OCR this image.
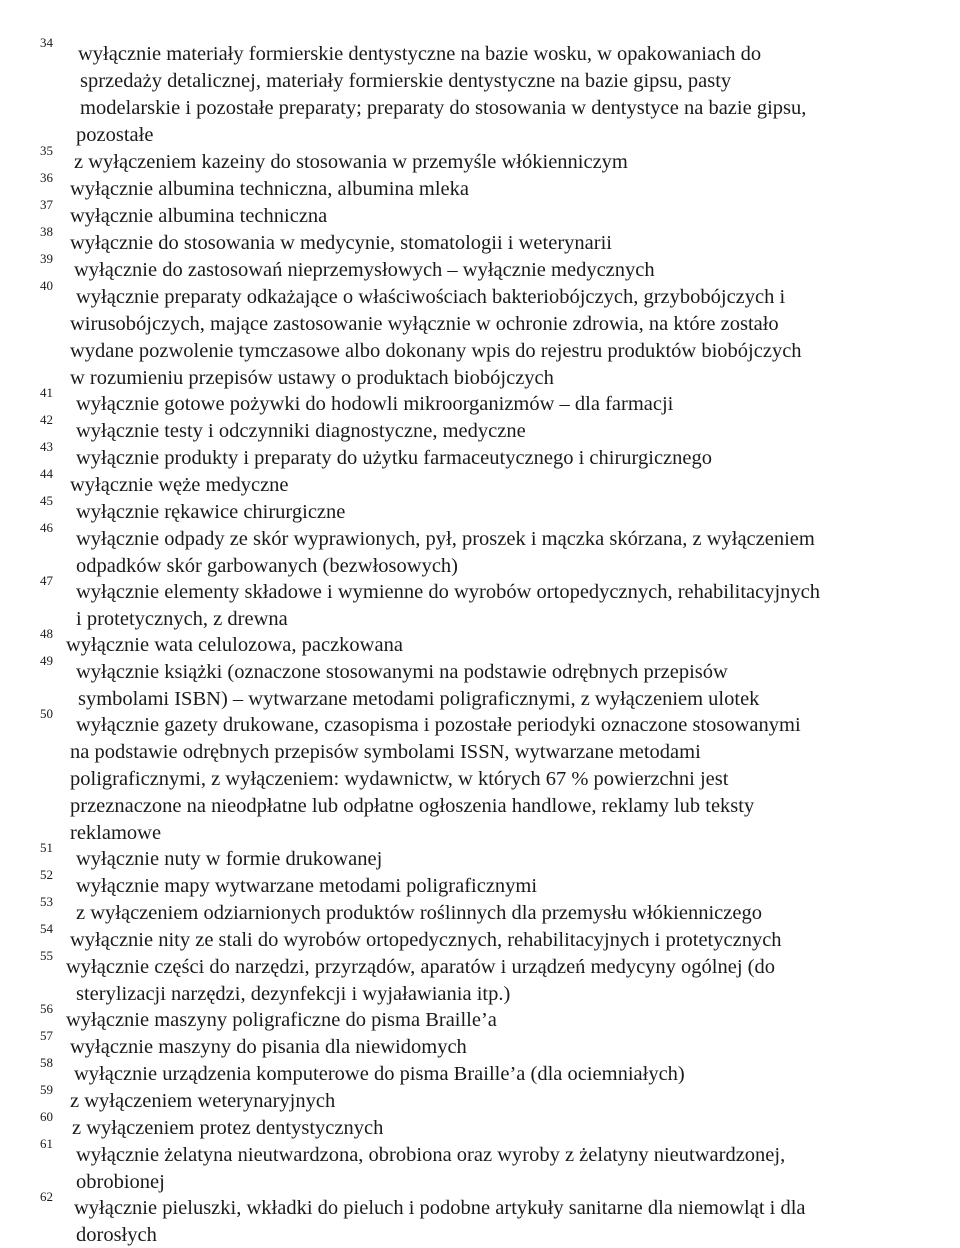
34
wyłącznie materiały formierskie dentystyczne na bazie wosku, w opakowaniach do
sprzedaży detalicznej, materiały formierskie dentystyczne na bazie gipsu, pasty
modelarskie i pozostałe preparaty; preparaty do stosowania w dentystyce na bazie gipsu,
pozostałe
35
z wyłączeniem kazeiny do stosowania w przemyśle włókienniczym
36
wyłącznie albumina techniczna, albumina mleka
37
wyłącznie albumina techniczna
38
wyłącznie do stosowania w medycynie, stomatologii i weterynarii
39
wyłącznie do zastosowań nieprzemysłowych – wyłącznie medycznych
40
wyłącznie preparaty odkażające o właściwościach bakteriobójczych, grzybobójczych i
wirusobójczych, mające zastosowanie wyłącznie w ochronie zdrowia, na które zostało
wydane pozwolenie tymczasowe albo dokonany wpis do rejestru produktów biobójczych
w rozumieniu przepisów ustawy o produktach biobójczych
41
wyłącznie gotowe pożywki do hodowli mikroorganizmów – dla farmacji
42
wyłącznie testy i odczynniki diagnostyczne, medyczne
43
wyłącznie produkty i preparaty do użytku farmaceutycznego i chirurgicznego
44
wyłącznie węże medyczne
45
wyłącznie rękawice chirurgiczne
46
wyłącznie odpady ze skór wyprawionych, pył, proszek i mączka skórzana, z wyłączeniem
odpadków skór garbowanych (bezwłosowych)
47
wyłącznie elementy składowe i wymienne do wyrobów ortopedycznych, rehabilitacyjnych
i protetycznych, z drewna
48
wyłącznie wata celulozowa, paczkowana
49
wyłącznie książki (oznaczone stosowanymi na podstawie odrębnych przepisów
symbolami ISBN) – wytwarzane metodami poligraficznymi, z wyłączeniem ulotek
50
wyłącznie gazety drukowane, czasopisma i pozostałe periodyki oznaczone stosowanymi
na podstawie odrębnych przepisów symbolami ISSN, wytwarzane metodami
poligraficznymi, z wyłączeniem: wydawnictw, w których 67 % powierzchni jest
przeznaczone na nieodpłatne lub odpłatne ogłoszenia handlowe, reklamy lub teksty
reklamowe
51
wyłącznie nuty w formie drukowanej
52
wyłącznie mapy wytwarzane metodami poligraficznymi
53
z wyłączeniem odziarnionych produktów roślinnych dla przemysłu włókienniczego
54
wyłącznie nity ze stali do wyrobów ortopedycznych, rehabilitacyjnych i protetycznych
55
wyłącznie części do narzędzi, przyrządów, aparatów i urządzeń medycyny ogólnej (do
sterylizacji narzędzi, dezynfekcji i wyjaławiania itp.)
56
wyłącznie maszyny poligraficzne do pisma Braille’a
57
wyłącznie maszyny do pisania dla niewidomych
58
wyłącznie urządzenia komputerowe do pisma Braille’a (dla ociemniałych)
59
z wyłączeniem weterynaryjnych
60
z wyłączeniem protez dentystycznych
61
wyłącznie żelatyna nieutwardzona, obrobiona oraz wyroby z żelatyny nieutwardzonej,
obrobionej
62
wyłącznie pieluszki, wkładki do pieluch i podobne artykuły sanitarne dla niemowląt i dla
dorosłych
